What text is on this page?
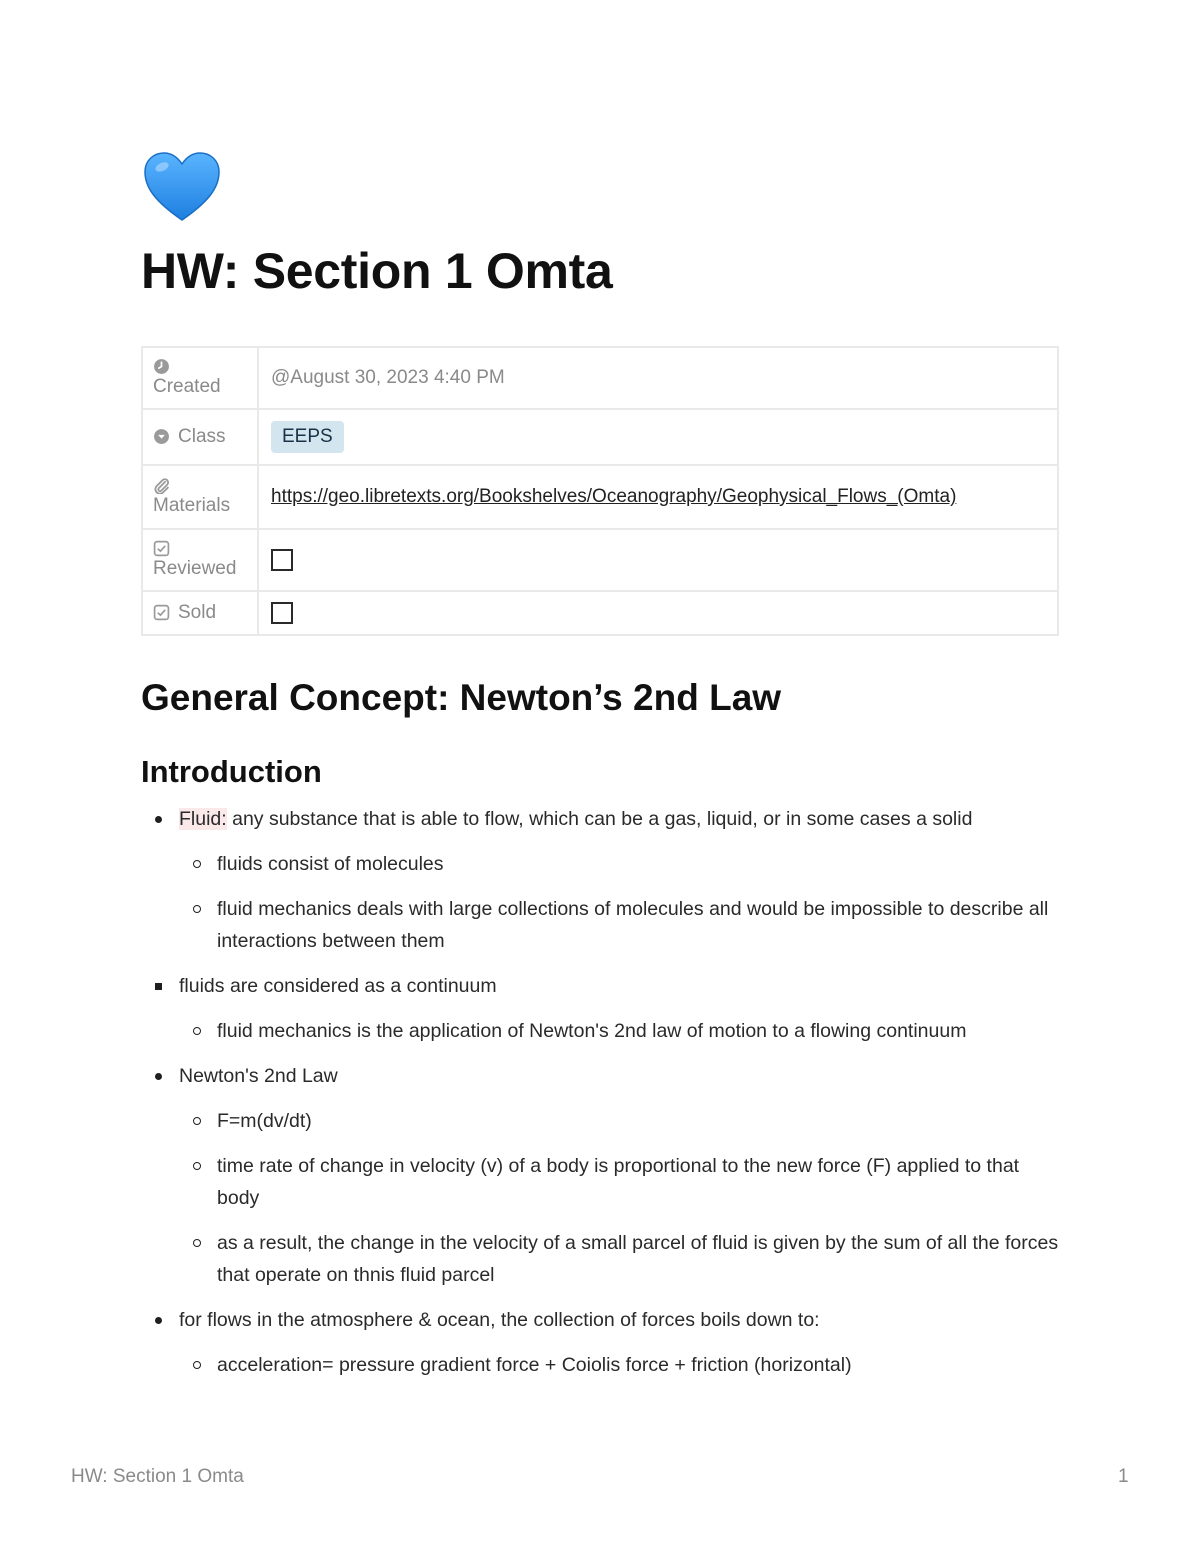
HW: Section 1 Omta
Created	@August 30, 2023 4:40 PM

Class	EEPS

Materials	https://geo.libretexts.org/Bookshelves/Oceanography/Geophysical_Flows_(Omta)

Reviewed	

Sold	
General Concept: Newton’s 2nd Law
Introduction
Fluid: any substance that is able to flow, which can be a gas, liquid, or in some cases a solid
fluids consist of molecules
fluid mechanics deals with large collections of molecules and would be impossible to describe all interactions between them
fluids are considered as a continuum
fluid mechanics is the application of Newton's 2nd law of motion to a flowing continuum
Newton's 2nd Law
F=m(dv/dt)
time rate of change in velocity (v) of a body is proportional to the new force (F) applied to that body
as a result, the change in the velocity of a small parcel of fluid is given by the sum of all the forces that operate on thnis fluid parcel
for flows in the atmosphere & ocean, the collection of forces boils down to:
acceleration= pressure gradient force + Coiolis force + friction (horizontal)
HW: Section 1 Omta	1
